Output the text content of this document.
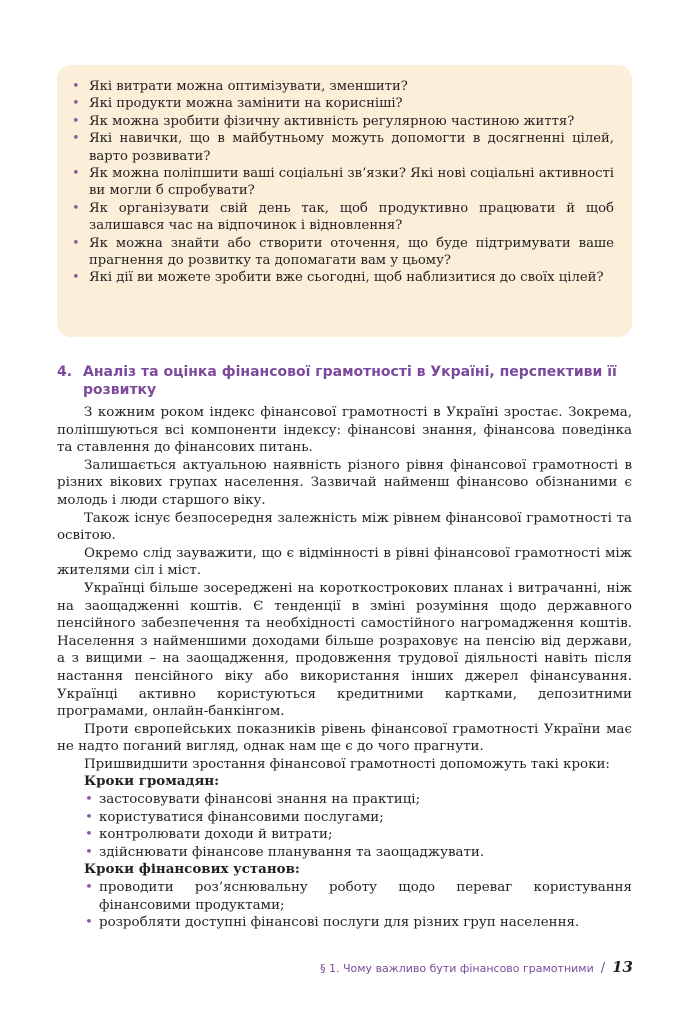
• Які витрати можна оптимізувати, зменшити?
• Які продукти можна замінити на корисніші?
• Як можна зробити фізичну активність регулярною частиною життя?
• Які навички, що в майбутньому можуть допомогти в досягненні цілей, варто розвивати?
• Як можна поліпшити ваші соціальні зв’язки? Які нові соціальні активності ви могли б спробувати?
• Як організувати свій день так, щоб продуктивно працювати й щоб залишався час на відпочинок і відновлення?
• Як можна знайти або створити оточення, що буде підтримувати ваше прагнення до розвитку та допомагати вам у цьому?
• Які дії ви можете зробити вже сьогодні, щоб наблизитися до своїх цілей?
4. Аналіз та оцінка фінансової грамотності в Україні, перспективи її розвитку

З кожним роком індекс фінансової грамотності в Україні зростає. Зокрема, поліпшуються всі компоненти індексу: фінансові знання, фінансова поведінка та ставлення до фінансових питань.

Залишається актуальною наявність різного рівня фінансової грамотності в різних вікових групах населення. Зазвичай найменш фінансово обізнаними є молодь і люди старшого віку.

Також існує безпосередня залежність між рівнем фінансової грамотності та освітою.

Окремо слід зауважити, що є відмінності в рівні фінансової грамотності між жителями сіл і міст.

Українці більше зосереджені на короткострокових планах і витрачанні, ніж на заощадженні коштів. Є тенденції в зміні розуміння щодо державного пенсійного забезпечення та необхідності самостійного нагромадження коштів. Населення з найменшими доходами більше розраховує на пенсію від держави, а з вищими – на заощадження, продовження трудової діяльності навіть після настання пенсійного віку або використання інших джерел фінансування. Українці активно користуються кредитними картками, депозитними програмами, онлайн-банкінгом.

Проти європейських показників рівень фінансової грамотності України має не надто поганий вигляд, однак нам ще є до чого прагнути.

Пришвидшити зростання фінансової грамотності допоможуть такі кроки:

Кроки громадян:

• застосовувати фінансові знання на практиці;
• користуватися фінансовими послугами;
• контролювати доходи й витрати;
• здійснювати фінансове планування та заощаджувати.

Кроки фінансових установ:

• проводити роз’яснювальну роботу щодо переваг користування фінансовими продуктами;
• розробляти доступні фінансові послуги для різних груп населення.
§ 1. Чому важливо бути фінансово грамотними / 13
